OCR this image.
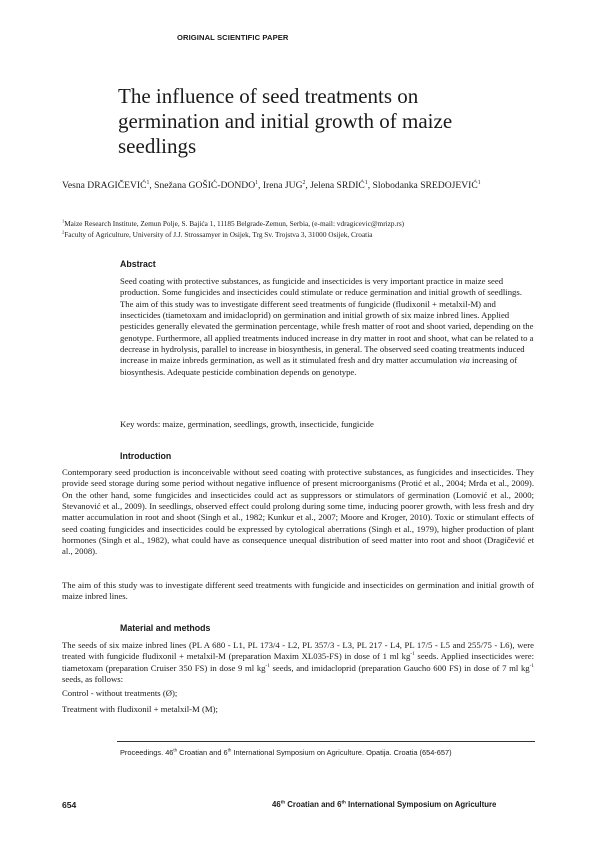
ORIGINAL SCIENTIFIC PAPER
The influence of seed treatments on
germination and initial growth of maize
seedlings
Vesna DRAGIČEVIĆ$^1$, Snežana GOŠIĆ-DONDO$^1$, Irena JUG$^2$, Jelena SRDIĆ$^1$, Slobodanka SREDOJEVIĆ$^1$
$^1$Maize Research Institute, Zemun Polje, S. Bajića 1, 11185 Belgrade-Zemun, Serbia, (e-mail: vdragicevic@mrizp.rs)
$^2$Faculty of Agriculture, University of J.J. Strossamyer in Osijek, Trg Sv. Trojstva 3, 31000 Osijek, Croatia
Abstract

Seed coating with protective substances, as fungicide and insecticides is very important practice in maize seed production. Some fungicides and insecticides could stimulate or reduce germination and initial growth of seedlings. The aim of this study was to investigate different seed treatments of fungicide (fludixonil + metalxil-M) and insecticides (tiametoxam and imidacloprid) on germination and initial growth of six maize inbred lines. Applied pesticides generally elevated the germination percentage, while fresh matter of root and shoot varied, depending on the genotype. Furthermore, all applied treatments induced increase in dry matter in root and shoot, what can be related to a decrease in hydrolysis, parallel to increase in biosynthesis, in general. The observed seed coating treatments induced increase in maize inbreds germination, as well as it stimulated fresh and dry matter accumulation via increasing of biosynthesis. Adequate pesticide combination depends on genotype.

Key words: maize, germination, seedlings, growth, insecticide, fungicide
Introduction

Contemporary seed production is inconceivable without seed coating with protective substances, as fungicides and insecticides. They provide seed storage during some period without negative influence of present microorganisms (Protić et al., 2004; Mrđa et al., 2009). On the other hand, some fungicides and insecticides could act as suppressors or stimulators of germination (Lomović et al., 2000; Stevanović et al., 2009). In seedlings, observed effect could prolong during some time, inducing poorer growth, with less fresh and dry matter accumulation in root and shoot (Singh et al., 1982; Kunkur et al., 2007; Moore and Kroger, 2010). Toxic or stimulant effects of seed coating fungicides and insecticides could be expressed by cytological aberrations (Singh et al., 1979), higher production of plant hormones (Singh et al., 1982), what could have as consequence unequal distribution of seed matter into root and shoot (Dragičević et al., 2008).

The aim of this study was to investigate different seed treatments with fungicide and insecticides on germination and initial growth of maize inbred lines.

Material and methods

The seeds of six maize inbred lines (PL A 680 - L1, PL 173/4 - L2, PL 357/3 - L3, PL 217 - L4, PL 17/5 - L5 and 255/75 - L6), were treated with fungicide fludixonil + metalxil-M (preparation Maxim XL035-FS) in dose of 1 ml $kg^{-1}$ seeds. Applied insecticides were: tiametoxam (preparation Cruiser 350 FS) in dose 9 ml $kg^{-1}$ seeds, and imidacloprid (preparation Gaucho 600 FS) in dose of 7 ml $kg^{-1}$ seeds, as follows:

Control - without treatments (Ø);
Treatment with fludixonil + metalxil-M (M);
Proceedings. 46th Croatian and 6th International Symposium on Agriculture. Opatija. Croatia (654-657)
654	46th Croatian and 6th International Symposium on Agriculture
